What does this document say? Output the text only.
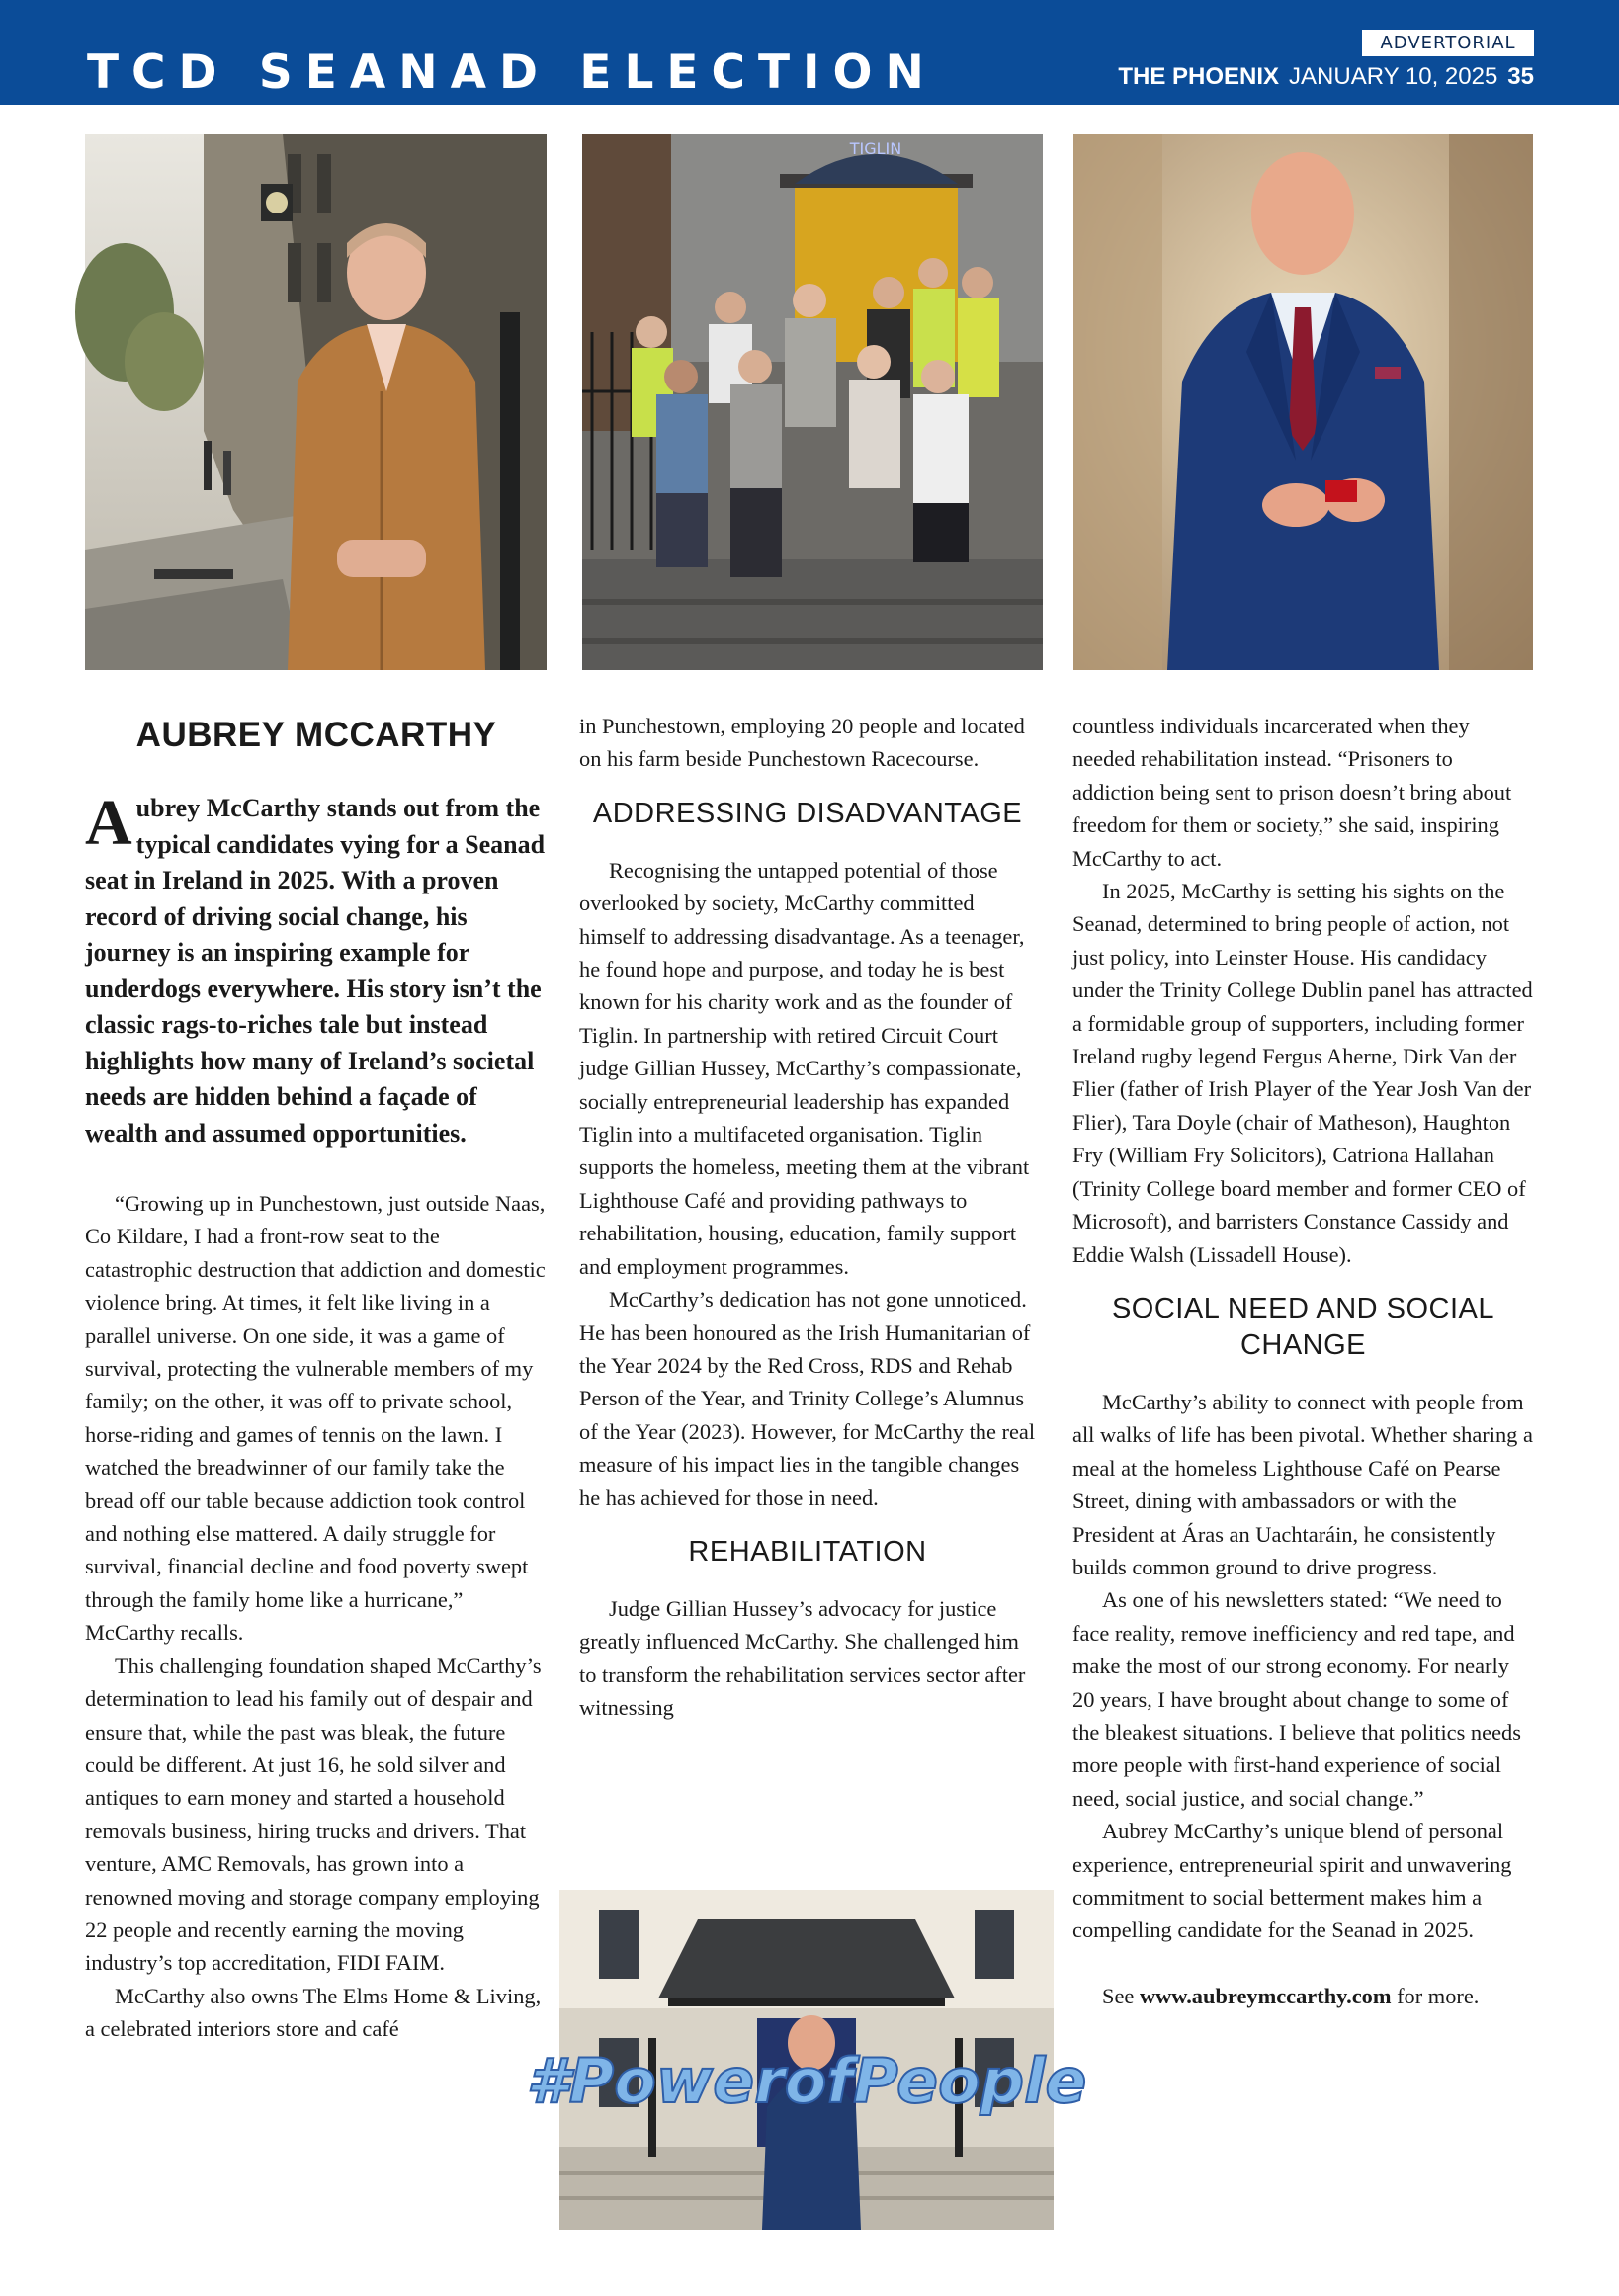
TCD SEANAD ELECTION
ADVERTORIAL
THE PHOENIX JANUARY 10, 2025 35
TIGLIN
AUBREY MCCARTHY

Aubrey McCarthy stands out from the typical candidates vying for a Seanad seat in Ireland in 2025. With a proven record of driving social change, his journey is an inspiring example for underdogs everywhere. His story isn’t the classic rags-to-riches tale but instead highlights how many of Ireland’s societal needs are hidden behind a façade of wealth and assumed opportunities.

“Growing up in Punchestown, just outside Naas, Co Kildare, I had a front-row seat to the catastrophic destruction that addiction and domestic violence bring. At times, it felt like living in a parallel universe. On one side, it was a game of survival, protecting the vulnerable members of my family; on the other, it was off to private school, horse-riding and games of tennis on the lawn. I watched the breadwinner of our family take the bread off our table because addiction took control and nothing else mattered. A daily struggle for survival, financial decline and food poverty swept through the family home like a hurricane,” McCarthy recalls.

This challenging foundation shaped McCarthy’s determination to lead his family out of despair and ensure that, while the past was bleak, the future could be different. At just 16, he sold silver and antiques to earn money and started a household removals business, hiring trucks and drivers. That venture, AMC Removals, has grown into a renowned moving and storage company employing 22 people and recently earning the moving industry’s top accreditation, FIDI FAIM.

McCarthy also owns The Elms Home & Living, a celebrated interiors store and café

in Punchestown, employing 20 people and located on his farm beside Punchestown Racecourse.

ADDRESSING DISADVANTAGE

Recognising the untapped potential of those overlooked by society, McCarthy committed himself to addressing disadvantage. As a teenager, he found hope and purpose, and today he is best known for his charity work and as the founder of Tiglin. In partnership with retired Circuit Court judge Gillian Hussey, McCarthy’s compassionate, socially entrepreneurial leadership has expanded Tiglin into a multifaceted organisation. Tiglin supports the homeless, meeting them at the vibrant Lighthouse Café and providing pathways to rehabilitation, housing, education, family support and employment programmes.

McCarthy’s dedication has not gone unnoticed. He has been honoured as the Irish Humanitarian of the Year 2024 by the Red Cross, RDS and Rehab Person of the Year, and Trinity College’s Alumnus of the Year (2023). However, for McCarthy the real measure of his impact lies in the tangible changes he has achieved for those in need.

REHABILITATION

Judge Gillian Hussey’s advocacy for justice greatly influenced McCarthy. She challenged him to transform the rehabilitation services sector after witnessing

#PowerofPeople

countless individuals incarcerated when they needed rehabilitation instead. “Prisoners to addiction being sent to prison doesn’t bring about freedom for them or society,” she said, inspiring McCarthy to act.

In 2025, McCarthy is setting his sights on the Seanad, determined to bring people of action, not just policy, into Leinster House. His candidacy under the Trinity College Dublin panel has attracted a formidable group of supporters, including former Ireland rugby legend Fergus Aherne, Dirk Van der Flier (father of Irish Player of the Year Josh Van der Flier), Tara Doyle (chair of Matheson), Haughton Fry (William Fry Solicitors), Catriona Hallahan (Trinity College board member and former CEO of Microsoft), and barristers Constance Cassidy and Eddie Walsh (Lissadell House).

SOCIAL NEED AND SOCIAL CHANGE

McCarthy’s ability to connect with people from all walks of life has been pivotal. Whether sharing a meal at the homeless Lighthouse Café on Pearse Street, dining with ambassadors or with the President at Áras an Uachtaráin, he consistently builds common ground to drive progress.

As one of his newsletters stated: “We need to face reality, remove inefficiency and red tape, and make the most of our strong economy. For nearly 20 years, I have brought about change to some of the bleakest situations. I believe that politics needs more people with first-hand experience of social need, social justice, and social change.”

Aubrey McCarthy’s unique blend of personal experience, entrepreneurial spirit and unwavering commitment to social betterment makes him a compelling candidate for the Seanad in 2025.

See www.aubreymccarthy.com for more.
